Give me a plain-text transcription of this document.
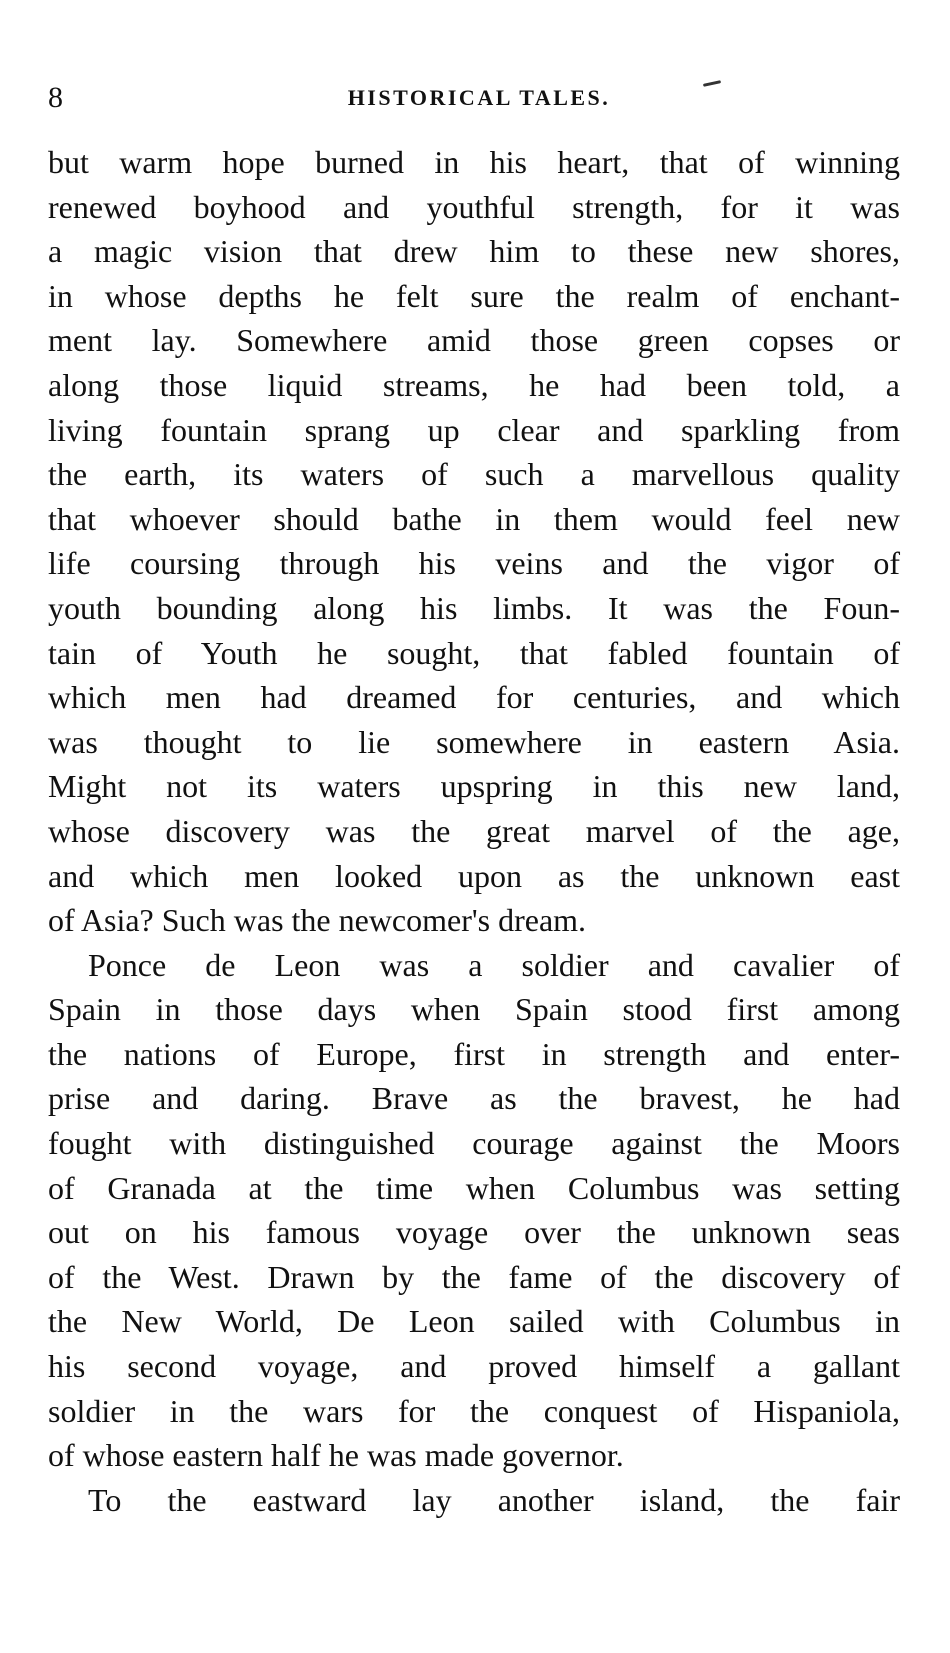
8	HISTORICAL TALES.
but warm hope burned in his heart, that of winning
renewed boyhood and youthful strength, for it was
a magic vision that drew him to these new shores,
in whose depths he felt sure the realm of enchant-
ment lay. Somewhere amid those green copses or
along those liquid streams, he had been told, a
living fountain sprang up clear and sparkling from
the earth, its waters of such a marvellous quality
that whoever should bathe in them would feel new
life coursing through his veins and the vigor of
youth bounding along his limbs. It was the Foun-
tain of Youth he sought, that fabled fountain of
which men had dreamed for centuries, and which
was thought to lie somewhere in eastern Asia.
Might not its waters upspring in this new land,
whose discovery was the great marvel of the age,
and which men looked upon as the unknown east
of Asia? Such was the newcomer's dream.
Ponce de Leon was a soldier and cavalier of
Spain in those days when Spain stood first among
the nations of Europe, first in strength and enter-
prise and daring. Brave as the bravest, he had
fought with distinguished courage against the Moors
of Granada at the time when Columbus was setting
out on his famous voyage over the unknown seas
of the West. Drawn by the fame of the discovery of
the New World, De Leon sailed with Columbus in
his second voyage, and proved himself a gallant
soldier in the wars for the conquest of Hispaniola,
of whose eastern half he was made governor.
To the eastward lay another island, the fair
